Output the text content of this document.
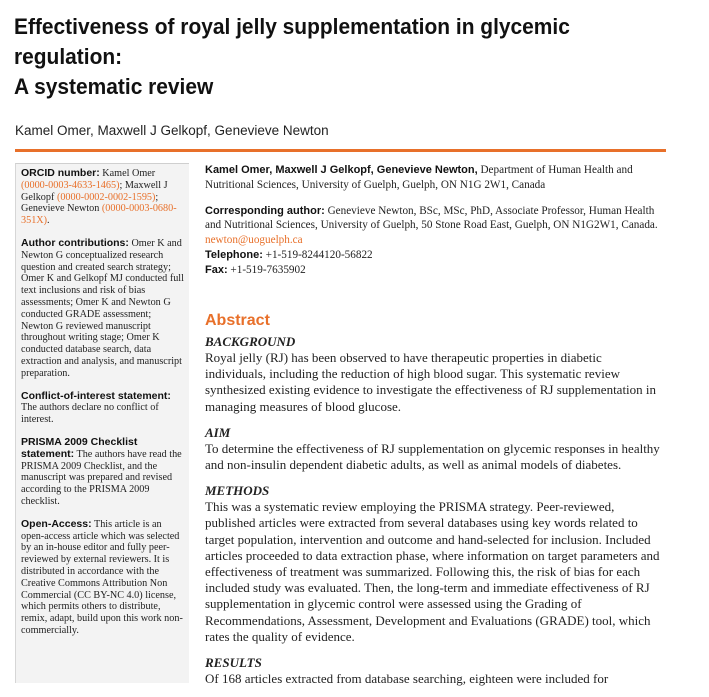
Effectiveness of royal jelly supplementation in glycemic regulation:
A systematic review
Kamel Omer, Maxwell J Gelkopf, Genevieve Newton

ORCID number: Kamel Omer (0000-0003-4633-1465); Maxwell J Gelkopf (0000-0002-0002-1595); Genevieve Newton (0000-0003-0680-351X).

Author contributions: Omer K and Newton G conceptualized research question and created search strategy; Omer K and Gelkopf MJ conducted full text inclusions and risk of bias assessments; Omer K and Newton G conducted GRADE assessment; Newton G reviewed manuscript throughout writing stage; Omer K conducted database search, data extraction and analysis, and manuscript preparation.

Conflict-of-interest statement: The authors declare no conflict of interest.

PRISMA 2009 Checklist statement: The authors have read the PRISMA 2009 Checklist, and the manuscript was prepared and revised according to the PRISMA 2009 checklist.

Open-Access: This article is an open-access article which was selected by an in-house editor and fully peer-reviewed by external reviewers. It is distributed in accordance with the Creative Commons Attribution Non Commercial (CC BY-NC 4.0) license, which permits others to distribute, remix, adapt, build upon this work non-commercially.

Kamel Omer, Maxwell J Gelkopf, Genevieve Newton, Department of Human Health and Nutritional Sciences, University of Guelph, Guelph, ON N1G 2W1, Canada

Corresponding author: Genevieve Newton, BSc, MSc, PhD, Associate Professor, Human Health and Nutritional Sciences, University of Guelph, 50 Stone Road East, Guelph, ON N1G2W1, Canada. newton@uoguelph.ca

Telephone: +1-519-8244120-56822

Fax: +1-519-7635902

Abstract
BACKGROUND
Royal jelly (RJ) has been observed to have therapeutic properties in diabetic individuals, including the reduction of high blood sugar. This systematic review synthesized existing evidence to investigate the effectiveness of RJ supplementation in managing measures of blood glucose.
AIM
To determine the effectiveness of RJ supplementation on glycemic responses in healthy and non-insulin dependent diabetic adults, as well as animal models of diabetes.
METHODS
This was a systematic review employing the PRISMA strategy. Peer-reviewed, published articles were extracted from several databases using key words related to target population, intervention and outcome and hand-selected for inclusion. Included articles proceeded to data extraction phase, where information on target parameters and effectiveness of treatment was summarized. Following this, the risk of bias for each included study was evaluated. Then, the long-term and immediate effectiveness of RJ supplementation in glycemic control were assessed using the Grading of Recommendations, Assessment, Development and Evaluations (GRADE) tool, which rates the quality of evidence.
RESULTS
Of 168 articles extracted from database searching, eighteen were included for
